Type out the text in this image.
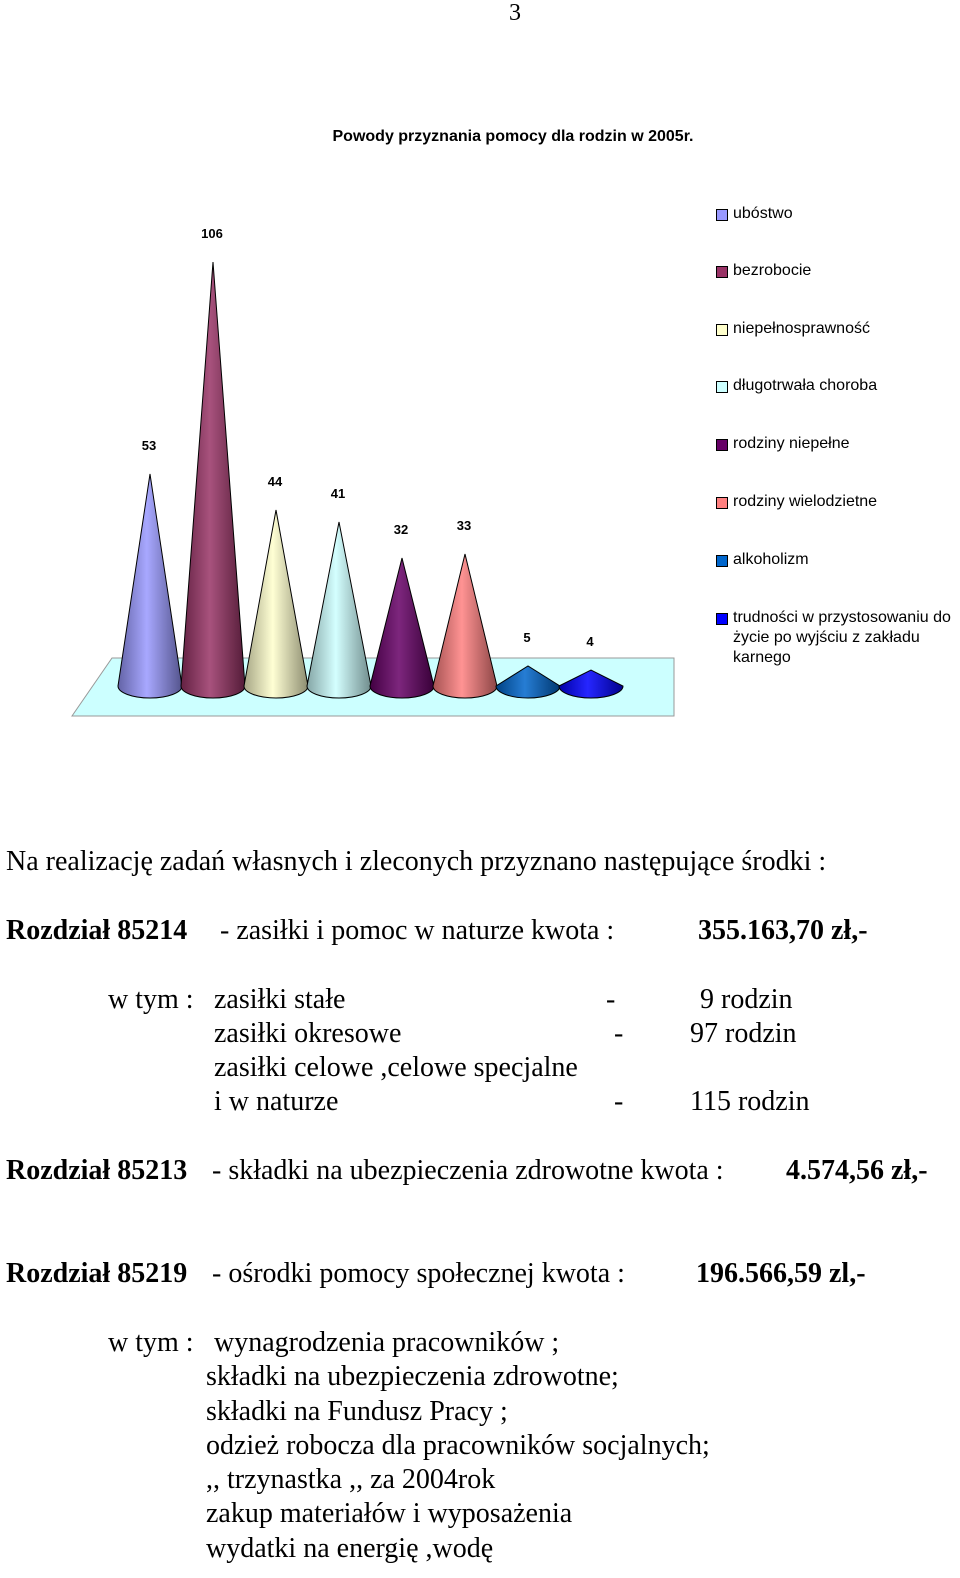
3
Powody przyznania pomocy dla rodzin w 2005r.
53
106
44
41
32	33
5	4
ubóstwo
bezrobocie
niepełnosprawność
długotrwała choroba
rodziny niepełne
rodziny wielodzietne
alkoholizm
trudności w przystosowaniu do życie po wyjściu z zakładu karnego
Na realizację zadań własnych i zleconych przyznano następujące środki :
Rozdział 85214 - zasiłki i pomoc w naturze kwota :	355.163,70 zł,-
w tym : zasiłki stałe	-	9 rodzin
zasiłki okresowe	- 97 rodzin
zasiłki celowe ,celowe specjalne
i w naturze	- 115 rodzin
Rozdział 85213 - składki na ubezpieczenia zdrowotne kwota : 4.574,56 zł,-
Rozdział 85219 - ośrodki pomocy społecznej kwota :	196.566,59 zl,-
w tym : wynagrodzenia pracowników ;
składki na ubezpieczenia zdrowotne;
składki na Fundusz Pracy ;
odzież robocza dla pracowników socjalnych;
,, trzynastka ,, za 2004rok
zakup materiałów i wyposażenia
wydatki na energię ,wodę
